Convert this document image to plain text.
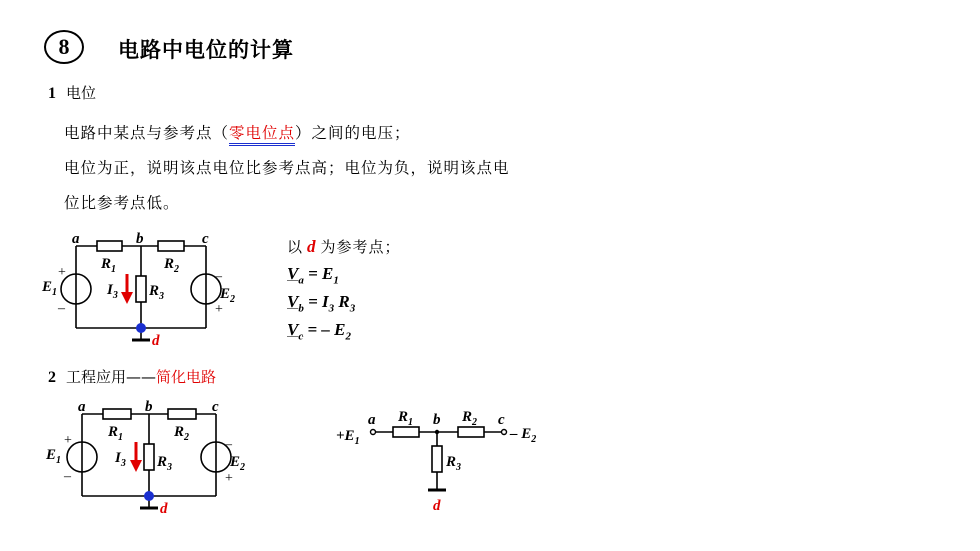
8	电路中电位的计算
1 电位
电路中某点与参考点（零电位点）之间的电压；
电位为正，说明该点电位比参考点高；电位为负，说明该点电
位比参考点低。
以 d 为参考点；
$V_a = E_1$
$V_b = I_3$ $R_3$
$V_c$ = – $E_2$
a	b	c
d
$R_1$	$R_2$
$R_3$
$I_3$
$E_1$	$E_2$
+
–
–
+
2 工程应用——简化电路
a	b	c
d
$R_1$	$R_2$
$R_3$
$I_3$
$E_1$	$E_2$
+
–
–
+
a	b	c
d
$R_1$	$R_2$
$R_3$
$+E_1$	– $E_2$
